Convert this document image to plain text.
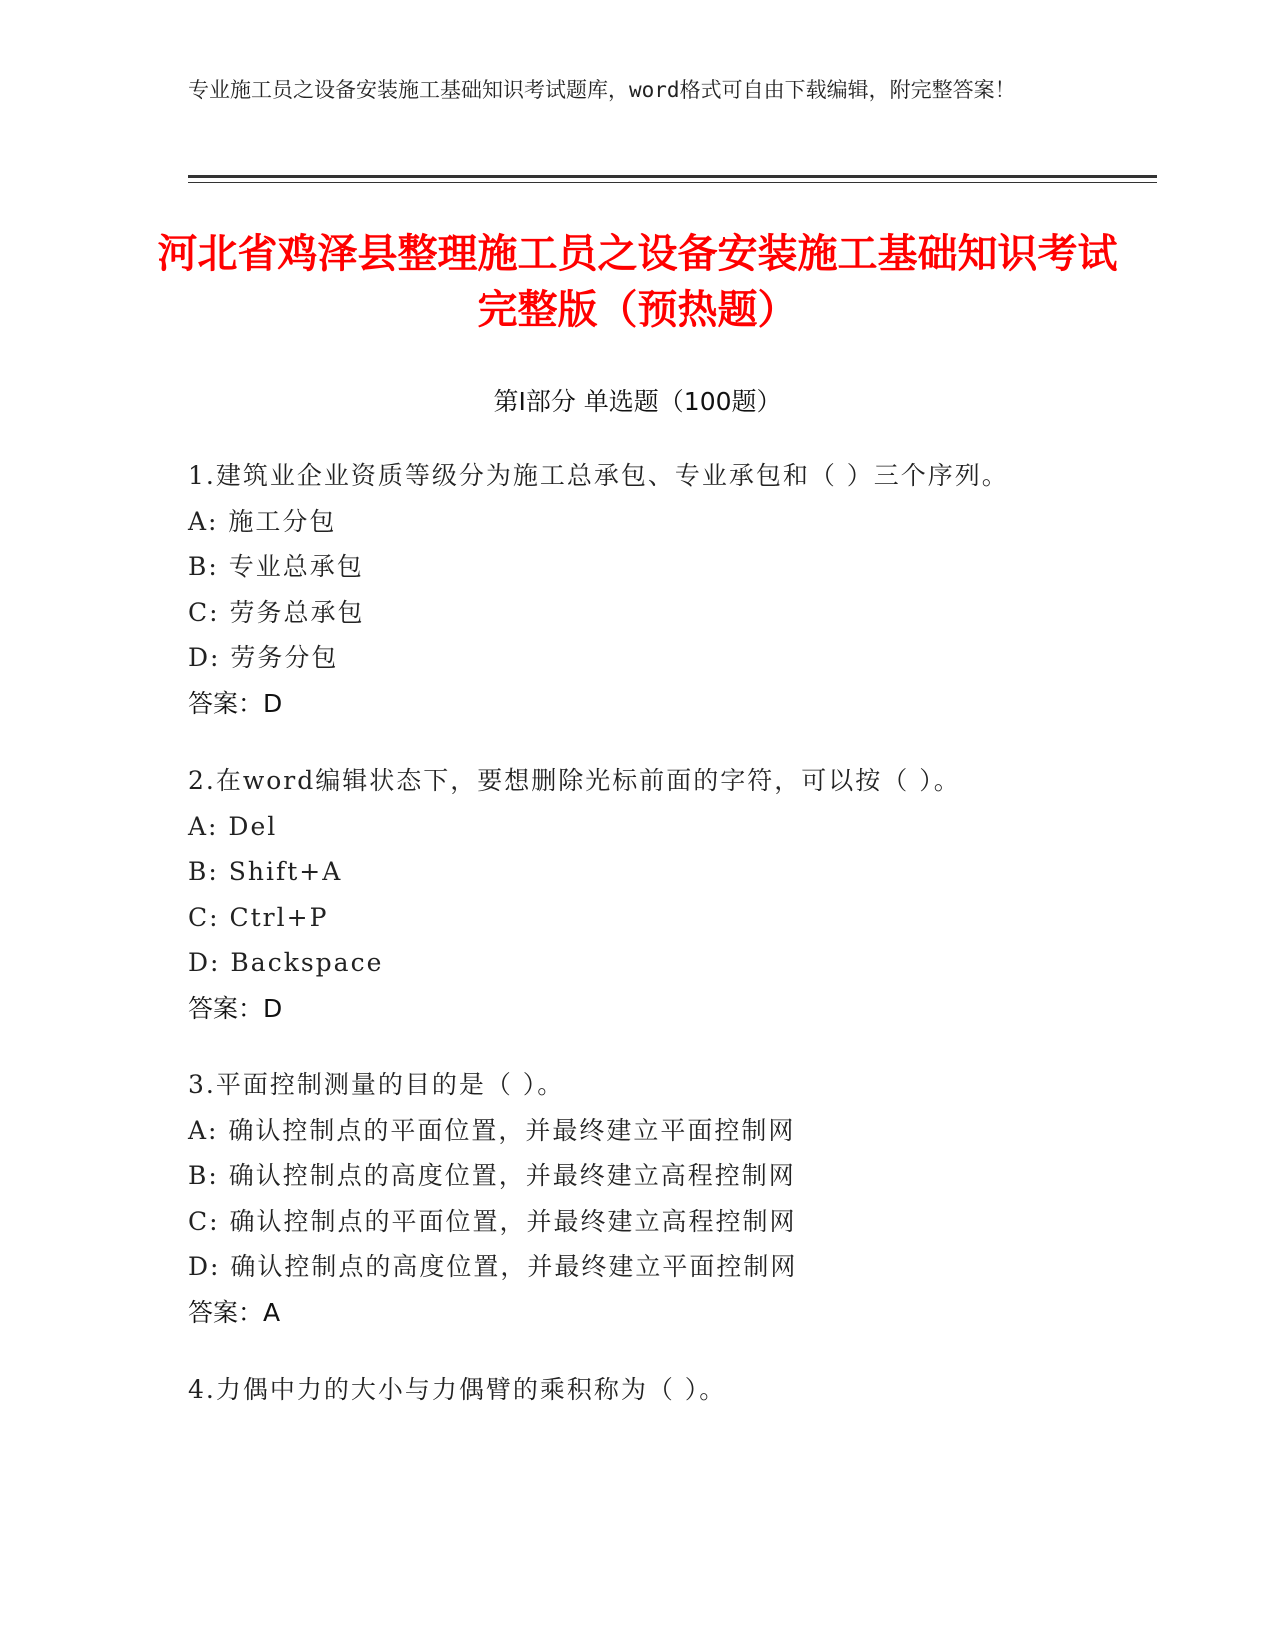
专业施工员之设备安装施工基础知识考试题库，word格式可自由下载编辑，附完整答案！
河北省鸡泽县整理施工员之设备安装施工基础知识考试完整版（预热题）
第Ⅰ部分 单选题（100题）
1.建筑业企业资质等级分为施工总承包、专业承包和（ ）三个序列。
A: 施工分包
B: 专业总承包
C: 劳务总承包
D: 劳务分包
答案：D
2.在word编辑状态下，要想删除光标前面的字符，可以按（ ）。
A: Del
B: Shift+A
C: Ctrl+P
D: Backspace
答案：D
3.平面控制测量的目的是（ ）。
A: 确认控制点的平面位置，并最终建立平面控制网
B: 确认控制点的高度位置，并最终建立高程控制网
C: 确认控制点的平面位置，并最终建立高程控制网
D: 确认控制点的高度位置，并最终建立平面控制网
答案：A
4.力偶中力的大小与力偶臂的乘积称为（ ）。
